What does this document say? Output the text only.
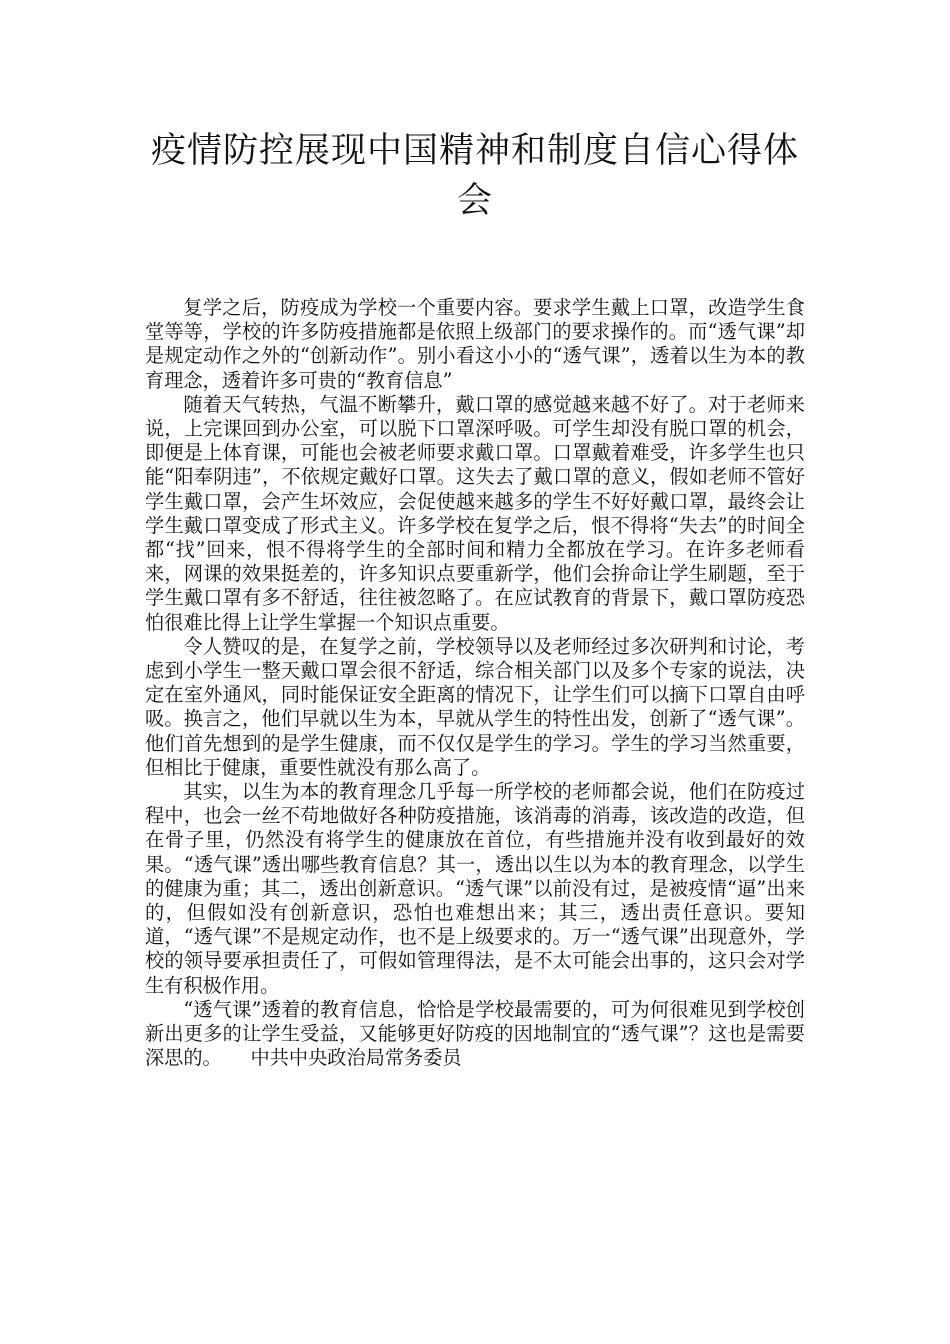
疫情防控展现中国精神和制度自信心得体会

复学之后，防疫成为学校一个重要内容。要求学生戴上口罩，改造学生食堂等等，学校的许多防疫措施都是依照上级部门的要求操作的。而“透气课”却是规定动作之外的“创新动作”。别小看这小小的“透气课”，透着以生为本的教育理念，透着许多可贵的“教育信息”

随着天气转热，气温不断攀升，戴口罩的感觉越来越不好了。对于老师来说，上完课回到办公室，可以脱下口罩深呼吸。可学生却没有脱口罩的机会，即便是上体育课，可能也会被老师要求戴口罩。口罩戴着难受，许多学生也只能“阳奉阴违”，不依规定戴好口罩。这失去了戴口罩的意义，假如老师不管好学生戴口罩，会产生坏效应，会促使越来越多的学生不好好戴口罩，最终会让学生戴口罩变成了形式主义。许多学校在复学之后，恨不得将“失去”的时间全都“找”回来，恨不得将学生的全部时间和精力全都放在学习。在许多老师看来，网课的效果挺差的，许多知识点要重新学，他们会拚命让学生刷题，至于学生戴口罩有多不舒适，往往被忽略了。在应试教育的背景下，戴口罩防疫恐怕很难比得上让学生掌握一个知识点重要。

令人赞叹的是，在复学之前，学校领导以及老师经过多次研判和讨论，考虑到小学生一整天戴口罩会很不舒适，综合相关部门以及多个专家的说法，决定在室外通风，同时能保证安全距离的情况下，让学生们可以摘下口罩自由呼吸。换言之，他们早就以生为本，早就从学生的特性出发，创新了“透气课”。他们首先想到的是学生健康，而不仅仅是学生的学习。学生的学习当然重要，但相比于健康，重要性就没有那么高了。

其实，以生为本的教育理念几乎每一所学校的老师都会说，他们在防疫过程中，也会一丝不苟地做好各种防疫措施，该消毒的消毒，该改造的改造，但在骨子里，仍然没有将学生的健康放在首位，有些措施并没有收到最好的效果。“透气课”透出哪些教育信息？其一，透出以生以为本的教育理念，以学生的健康为重；其二，透出创新意识。“透气课”以前没有过，是被疫情“逼”出来的，但假如没有创新意识，恐怕也难想出来；其三，透出责任意识。要知道，“透气课”不是规定动作，也不是上级要求的。万一“透气课”出现意外，学校的领导要承担责任了，可假如管理得法，是不太可能会出事的，这只会对学生有积极作用。

“透气课”透着的教育信息，恰恰是学校最需要的，可为何很难见到学校创新出更多的让学生受益，又能够更好防疫的因地制宜的“透气课”？这也是需要深思的。　　中共中央政治局常务委员
